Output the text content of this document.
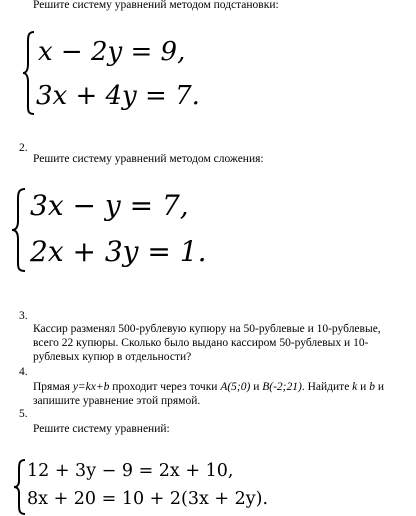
Решите систему уравнений методом подстановки:
x − 2y = 9,
3x + 4y = 7.
2.
Решите систему уравнений методом сложения:
3x − y = 7,
2x + 3y = 1.
3.
Кассир разменял 500-рублевую купюру на 50-рублевые и 10-рублевые, всего 22 купюры. Сколько было выдано кассиром 50-рублевых и 10-рублевых купюр в отдельности?
4.
Прямая y=kx+b проходит через точки A(5;0) и B(-2;21). Найдите k и b и запишите уравнение этой прямой.
5.
Решите систему уравнений:
12 + 3y − 9 = 2x + 10,
8x + 20 = 10 + 2(3x + 2y).
